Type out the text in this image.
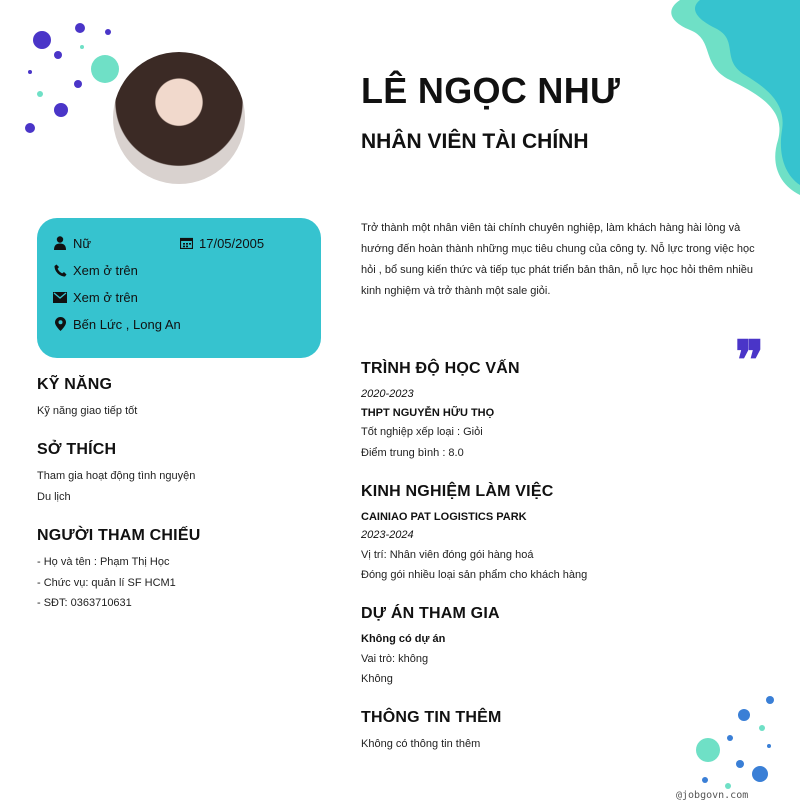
LÊ NGỌC NHƯ
NHÂN VIÊN TÀI CHÍNH
Nữ	17/05/2005
Xem ở trên
Xem ở trên
Bến Lức , Long An
KỸ NĂNG
Kỹ năng giao tiếp tốt
SỞ THÍCH
Tham gia hoạt động tình nguyện
Du lịch
NGƯỜI THAM CHIẾU
- Họ và tên : Phạm Thị Học
- Chức vụ: quản lí SF HCM1
- SĐT: 0363710631
Trở thành một nhân viên tài chính chuyên nghiệp, làm khách hàng hài lòng và hướng đến hoàn thành những mục tiêu chung của công ty. Nỗ lực trong việc học hỏi , bổ sung kiến thức và tiếp tục phát triển bản thân, nỗ lực học hỏi thêm nhiều kinh nghiệm và trở thành một sale giỏi.
❞
TRÌNH ĐỘ HỌC VẤN
2020-2023
THPT NGUYỄN HỮU THỌ
Tốt nghiệp xếp loại : Giỏi
Điểm trung bình : 8.0
KINH NGHIỆM LÀM VIỆC
CAINIAO PAT LOGISTICS PARK
2023-2024
Vị trí: Nhân viên đóng gói hàng hoá
Đóng gói nhiều loại sản phẩm cho khách hàng
DỰ ÁN THAM GIA
Không có dự án
Vai trò: không
Không
THÔNG TIN THÊM
Không có thông tin thêm
@jobgovn.com
